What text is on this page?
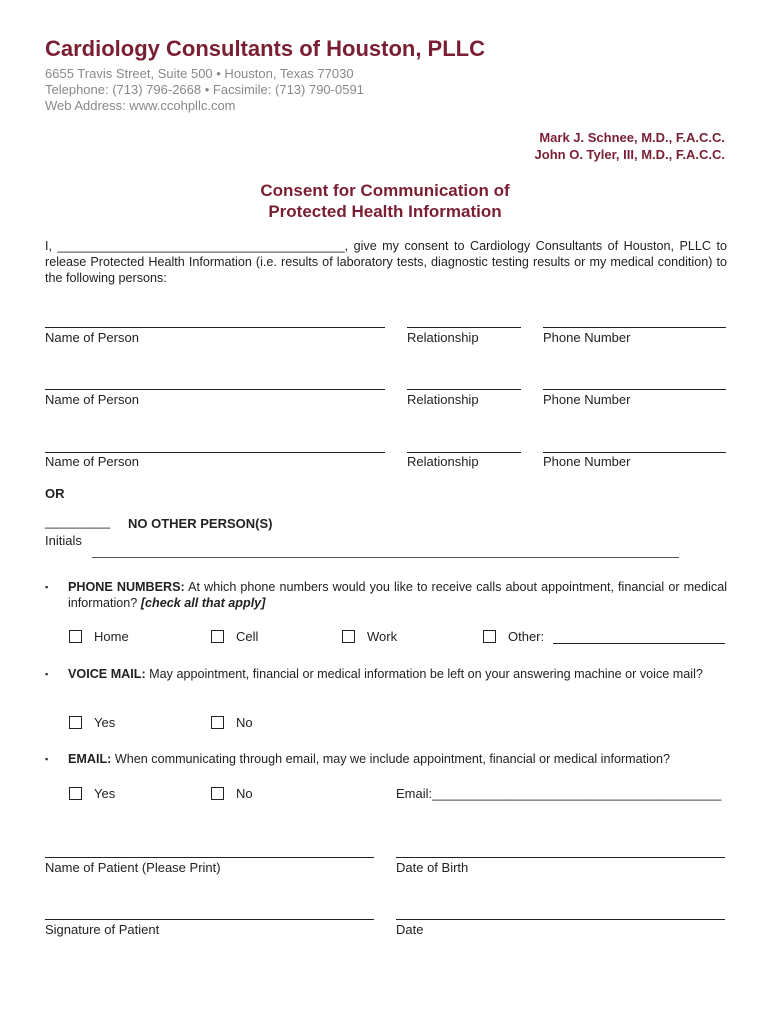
Cardiology Consultants of Houston, PLLC
6655 Travis Street, Suite 500 • Houston, Texas 77030
Telephone: (713) 796-2668 • Facsimile: (713) 790-0591
Web Address: www.ccohpllc.com
Mark J. Schnee, M.D., F.A.C.C.
John O. Tyler, III, M.D., F.A.C.C.
Consent for Communication of
Protected Health Information
I, _________________________________________, give my consent to Cardiology Consultants of Houston, PLLC to release Protected Health Information (i.e. results of laboratory tests, diagnostic testing results or my medical condition) to the following persons:
Name of Person	Relationship	Phone Number
Name of Person	Relationship	Phone Number
Name of Person	Relationship	Phone Number
OR
_________ NO OTHER PERSON(S)
Initials
▪ PHONE NUMBERS: At which phone numbers would you like to receive calls about appointment, financial or medical information? [check all that apply]
Home	Cell	Work	Other:
▪ VOICE MAIL: May appointment, financial or medical information be left on your answering machine or voice mail?
Yes	No
▪ EMAIL: When communicating through email, may we include appointment, financial or medical information?
Yes	No	Email:________________________________________
Name of Patient (Please Print)	Date of Birth
Signature of Patient	Date
